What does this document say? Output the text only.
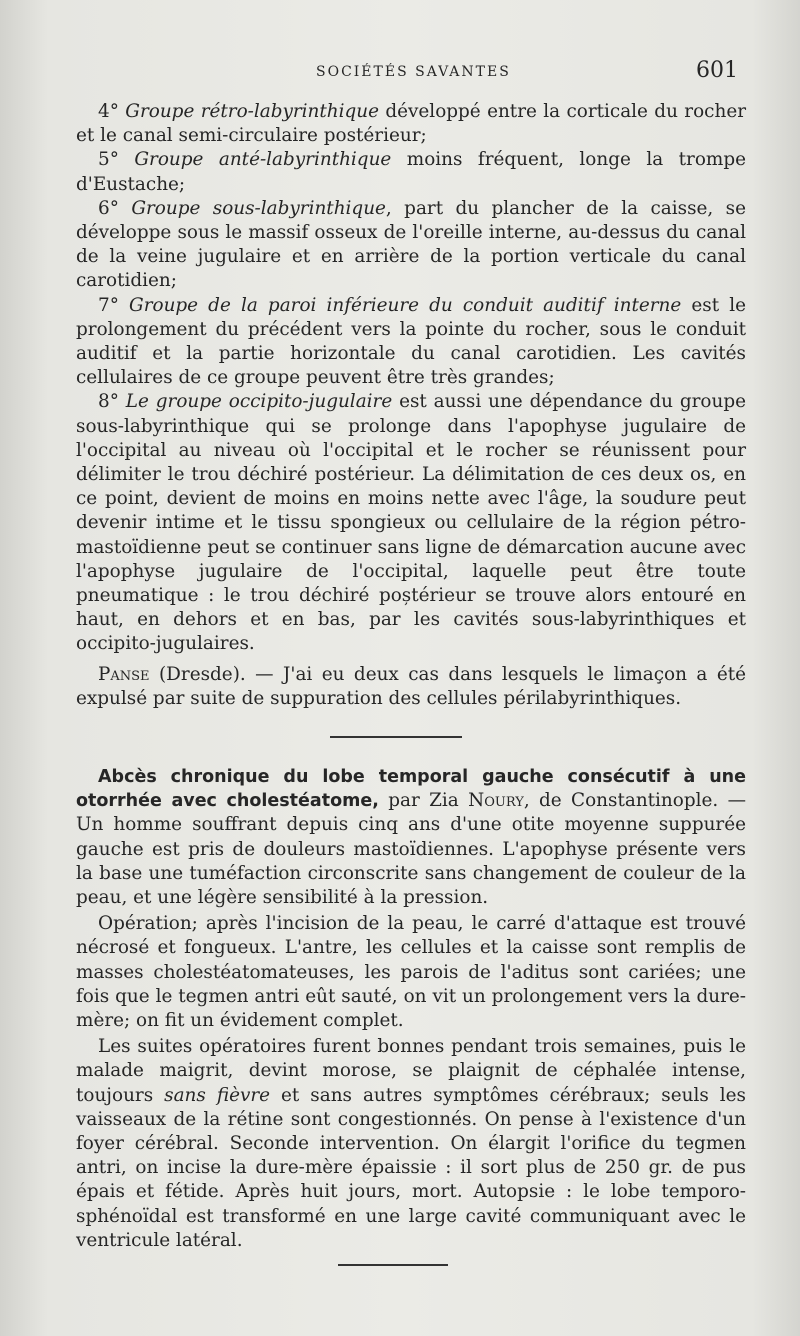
SOCIÉTÉS SAVANTES	601

4° Groupe rétro-labyrinthique développé entre la corticale du rocher et le canal semi-circulaire postérieur;

5° Groupe anté-labyrinthique moins fréquent, longe la trompe d'Eustache;

6° Groupe sous-labyrinthique, part du plancher de la caisse, se développe sous le massif osseux de l'oreille interne, au-dessus du canal de la veine jugulaire et en arrière de la portion verticale du canal carotidien;

7° Groupe de la paroi inférieure du conduit auditif interne est le prolongement du précédent vers la pointe du rocher, sous le conduit auditif et la partie horizontale du canal carotidien. Les cavités cellulaires de ce groupe peuvent être très grandes;

8° Le groupe occipito-jugulaire est aussi une dépendance du groupe sous-labyrinthique qui se prolonge dans l'apophyse jugulaire de l'occipital au niveau où l'occipital et le rocher se réunissent pour délimiter le trou déchiré postérieur. La délimitation de ces deux os, en ce point, devient de moins en moins nette avec l'âge, la soudure peut devenir intime et le tissu spongieux ou cellulaire de la région pétro-mastoïdienne peut se continuer sans ligne de démarcation aucune avec l'apophyse jugulaire de l'occipital, laquelle peut être toute pneumatique : le trou déchiré poștérieur se trouve alors entouré en haut, en dehors et en bas, par les cavités sous-labyrinthiques et occipito-jugulaires.

Panse (Dresde). — J'ai eu deux cas dans lesquels le limaçon a été expulsé par suite de suppuration des cellules périlabyrinthiques.

Abcès chronique du lobe temporal gauche consécutif à une otorrhée avec cholestéatome, par Zia Noury, de Constantinople. — Un homme souffrant depuis cinq ans d'une otite moyenne suppurée gauche est pris de douleurs mastoïdiennes. L'apophyse présente vers la base une tuméfaction circonscrite sans changement de couleur de la peau, et une légère sensibilité à la pression.

Opération; après l'incision de la peau, le carré d'attaque est trouvé nécrosé et fongueux. L'antre, les cellules et la caisse sont remplis de masses cholestéatomateuses, les parois de l'aditus sont cariées; une fois que le tegmen antri eût sauté, on vit un prolongement vers la dure-mère; on fit un évidement complet.

Les suites opératoires furent bonnes pendant trois semaines, puis le malade maigrit, devint morose, se plaignit de céphalée intense, toujours sans fièvre et sans autres symptômes cérébraux; seuls les vaisseaux de la rétine sont congestionnés. On pense à l'existence d'un foyer cérébral. Seconde intervention. On élargit l'orifice du tegmen antri, on incise la dure-mère épaissie : il sort plus de 250 gr. de pus épais et fétide. Après huit jours, mort. Autopsie : le lobe temporo-sphénoïdal est transformé en une large cavité communiquant avec le ventricule latéral.
